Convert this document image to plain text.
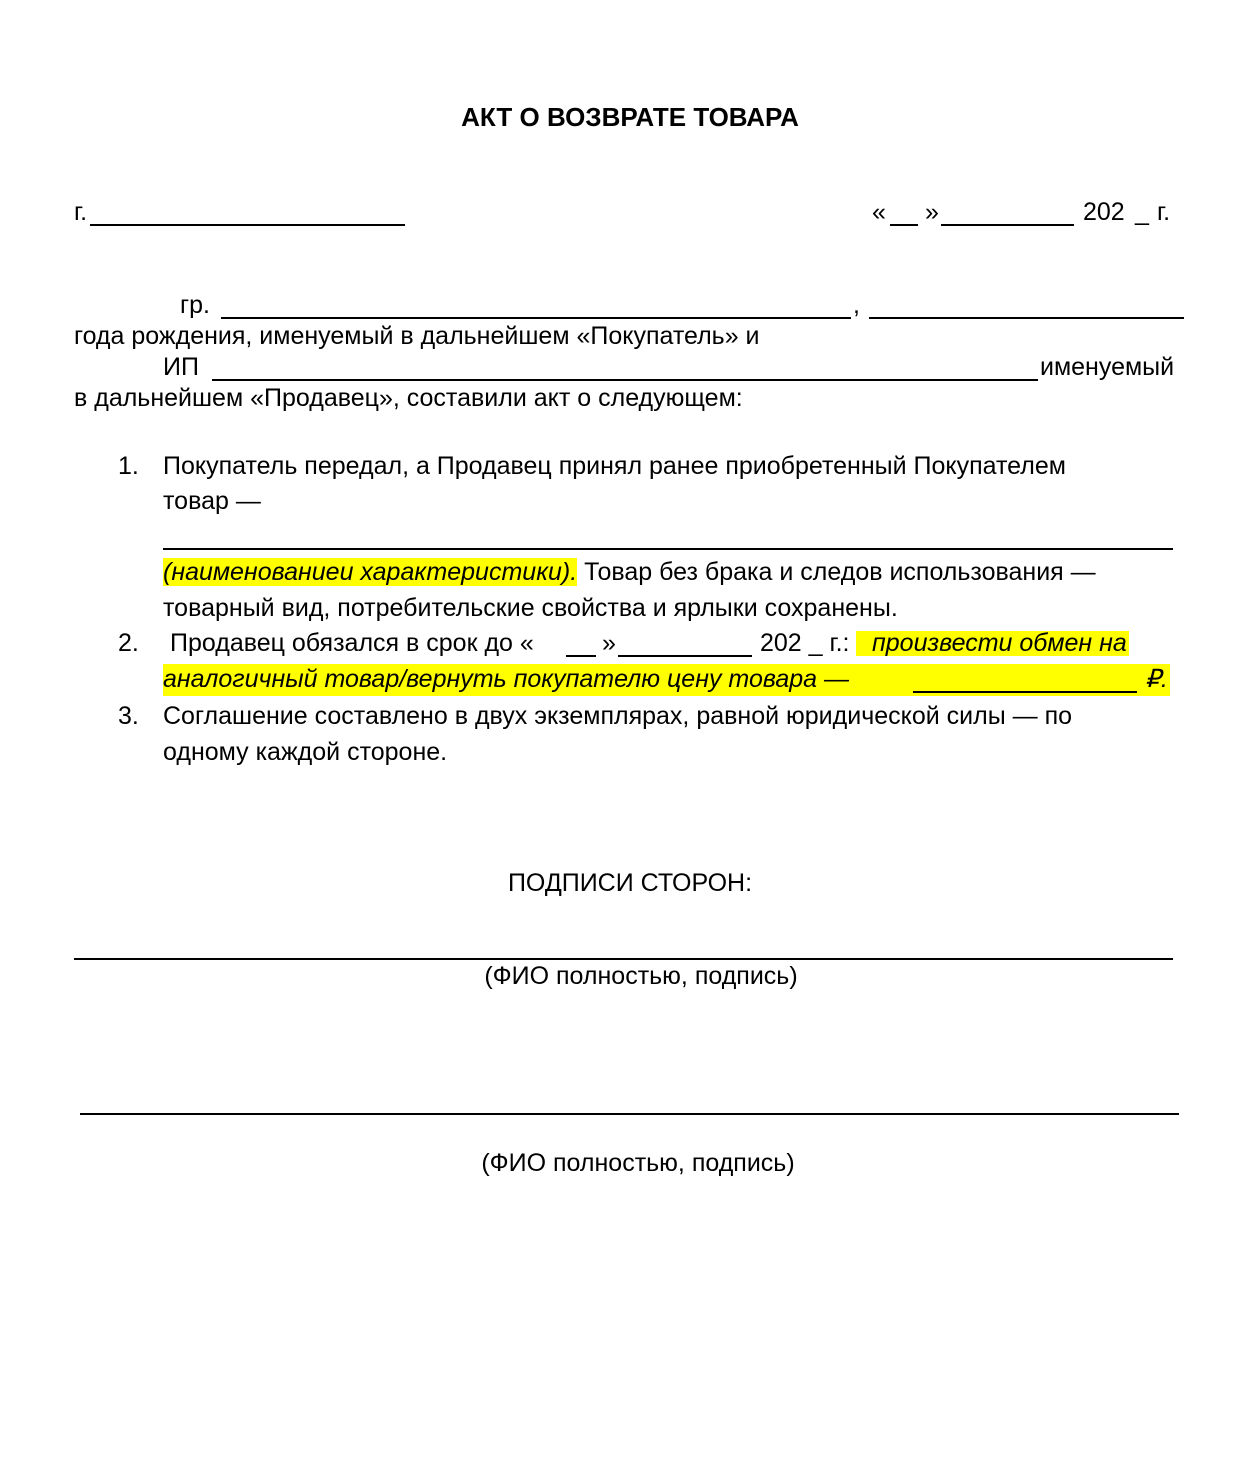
АКТ О ВОЗВРАТЕ ТОВАРА
г.	« »	202 _ г.
гр.	,
года рождения, именуемый в дальнейшем «Покупатель» и
ИП	именуемый
в дальнейшем «Продавец», составили акт о следующем:
1. Покупатель передал, а Продавец принял ранее приобретенный Покупателем
товар —
(наименованиеи характеристики). Товар без брака и следов использования —
товарный вид, потребительские свойства и ярлыки сохранены.
2. Продавец обязался в срок до «	»	202 _ г.: произвести обмен на
аналогичный товар/вернуть покупателю цену товара —	₽.
3. Соглашение составлено в двух экземплярах, равной юридической силы — по
одному каждой стороне.
ПОДПИСИ СТОРОН:
(ФИО полностью, подпись)
(ФИО полностью, подпись)
